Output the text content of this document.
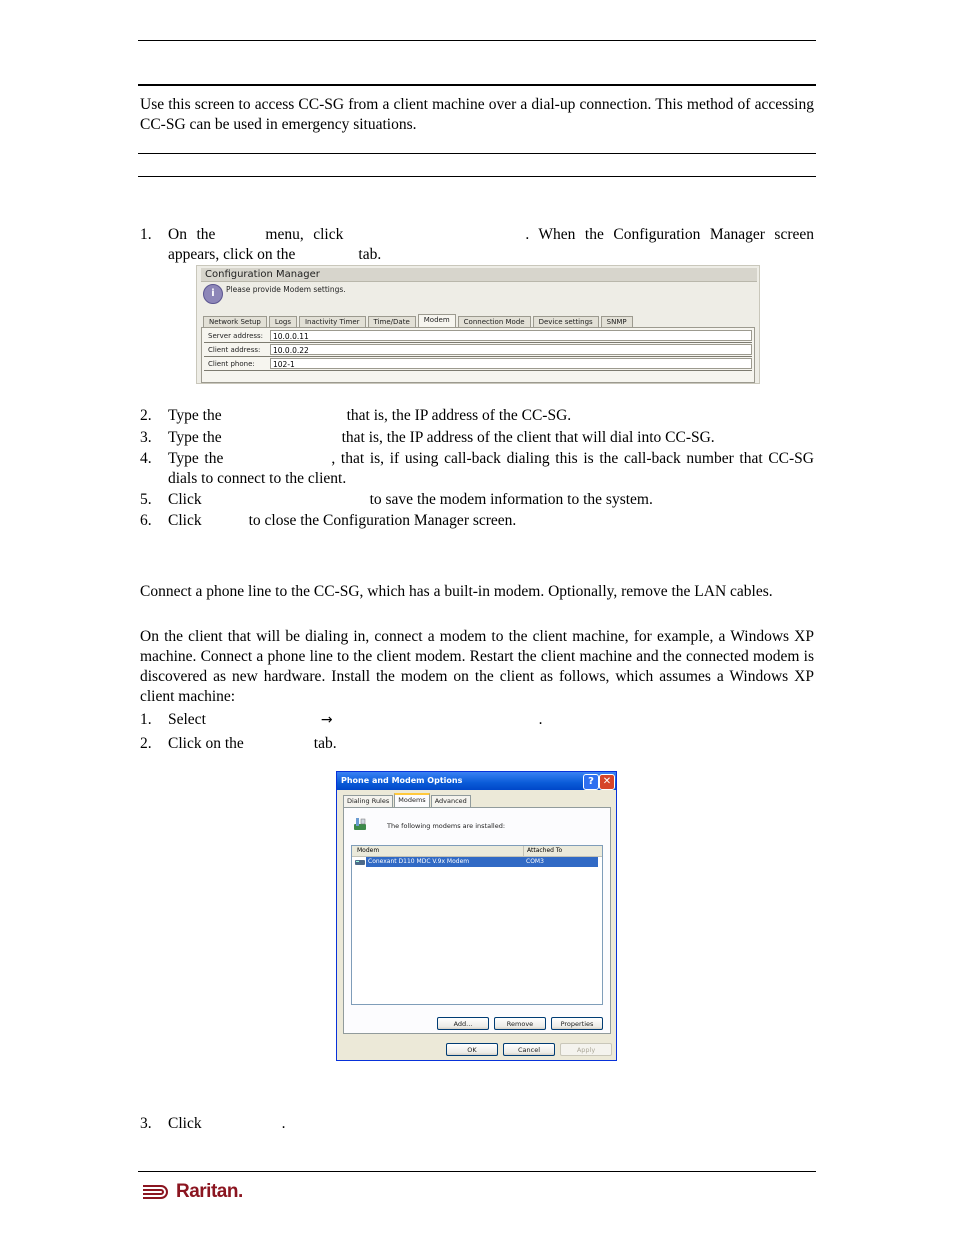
Use this screen to access CC-SG from a client machine over a dial-up connection. This method of accessing CC-SG can be used in emergency situations.
1.	On the	menu, click	. When the Configuration Manager screen appears, click on the	tab.
Configuration Manager
i	Please provide Modem settings.
Network Setup	Logs	Inactivity Timer	Time/Date	Modem	Connection Mode	Device settings	SNMP
Server address:	10.0.0.11
Client address:	10.0.0.22
Client phone:	102-1
2.	Type the	that is, the IP address of the CC-SG.
3.	Type the	that is, the IP address of the client that will dial into CC-SG.
4.	Type the	, that is, if using call-back dialing this is the call-back number that CC-SG dials to connect to the client.
5.	Click	to save the modem information to the system.
6.	Click	to close the Configuration Manager screen.
Connect a phone line to the CC-SG, which has a built-in modem. Optionally, remove the LAN cables.
On the client that will be dialing in, connect a modem to the client machine, for example, a Windows XP machine. Connect a phone line to the client modem. Restart the client machine and the connected modem is discovered as new hardware. Install the modem on the client as follows, which assumes a Windows XP client machine:
1.	Select	→	.
2.	Click on the	tab.
Phone and Modem Options	? ✕
Dialing Rules	Modems	Advanced
The following modems are installed:
Modem	Attached To
Conexant D110 MDC V.9x Modem	COM3
Add...	Remove	Properties
OK	Cancel	Apply
3.	Click	.
Raritan.
